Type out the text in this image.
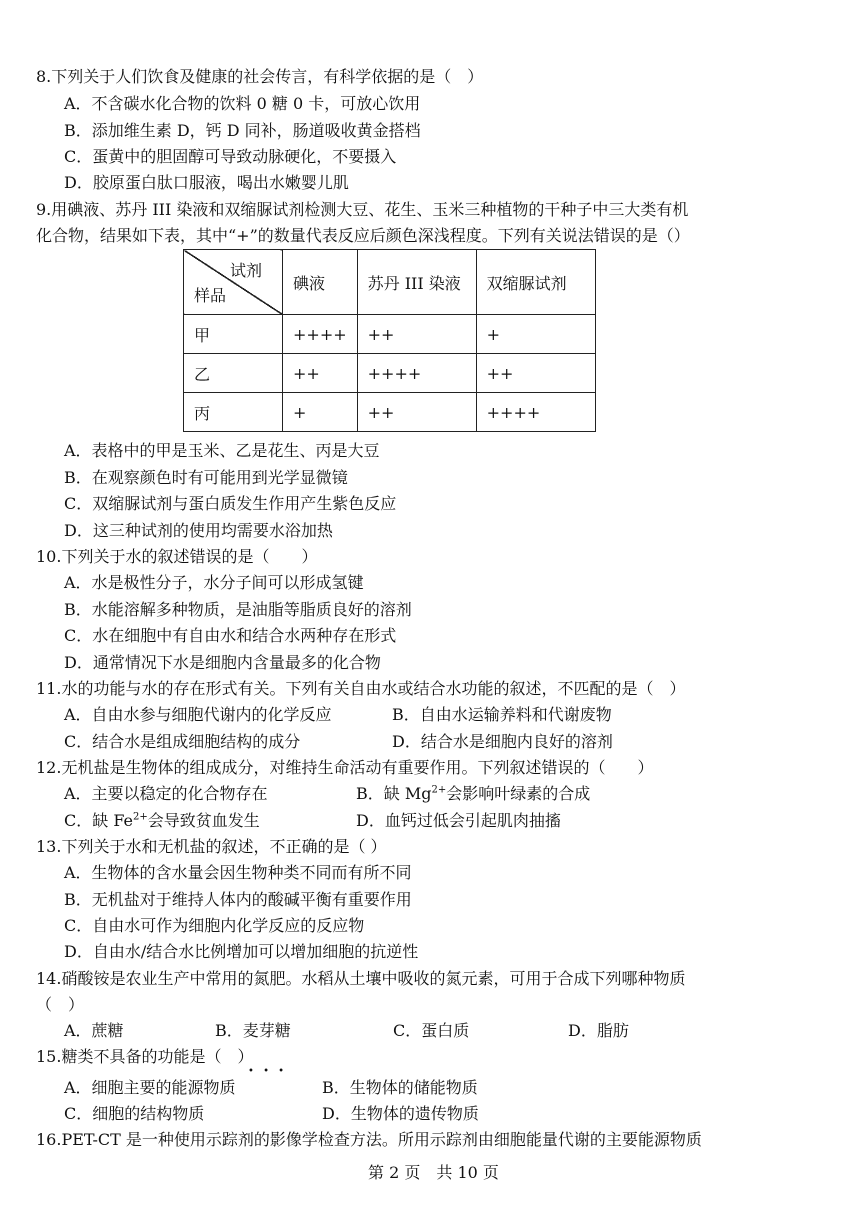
8.下列关于人们饮食及健康的社会传言，有科学依据的是（　）
A．不含碳水化合物的饮料 0 糖 0 卡，可放心饮用
B．添加维生素 D，钙 D 同补，肠道吸收黄金搭档
C．蛋黄中的胆固醇可导致动脉硬化，不要摄入
D．胶原蛋白肽口服液，喝出水嫩婴儿肌
9.用碘液、苏丹 III 染液和双缩脲试剂检测大豆、花生、玉米三种植物的干种子中三大类有机
化合物，结果如下表，其中“+”的数量代表反应后颜色深浅程度。下列有关说法错误的是（）
试剂
样品	碘液	苏丹 III 染液	双缩脲试剂
甲	++++	++	+
乙	++	++++	++
丙	+	++	++++
A．表格中的甲是玉米、乙是花生、丙是大豆
B．在观察颜色时有可能用到光学显微镜
C．双缩脲试剂与蛋白质发生作用产生紫色反应
D．这三种试剂的使用均需要水浴加热
10.下列关于水的叙述错误的是（　　）
A．水是极性分子，水分子间可以形成氢键
B．水能溶解多种物质，是油脂等脂质良好的溶剂
C．水在细胞中有自由水和结合水两种存在形式
D．通常情况下水是细胞内含量最多的化合物
11.水的功能与水的存在形式有关。下列有关自由水或结合水功能的叙述，不匹配的是（　）
A．自由水参与细胞代谢内的化学反应	B．自由水运输养料和代谢废物
C．结合水是组成细胞结构的成分	D．结合水是细胞内良好的溶剂
12.无机盐是生物体的组成成分，对维持生命活动有重要作用。下列叙述错误的（　　）
A．主要以稳定的化合物存在	B．缺 $Mg^{2+}$会影响叶绿素的合成
C．缺 $Fe^{2+}$会导致贫血发生	D．血钙过低会引起肌肉抽搐
13.下列关于水和无机盐的叙述，不正确的是（ ）
A．生物体的含水量会因生物种类不同而有所不同
B．无机盐对于维持人体内的酸碱平衡有重要作用
C．自由水可作为细胞内化学反应的反应物
D．自由水/结合水比例增加可以增加细胞的抗逆性
14.硝酸铵是农业生产中常用的氮肥。水稻从土壤中吸收的氮元素，可用于合成下列哪种物质
（　）
A．蔗糖	B．麦芽糖	C．蛋白质	D．脂肪
15.糖类不具备的功能是（　）
• • •
A．细胞主要的能源物质	B．生物体的储能物质
C．细胞的结构物质	D．生物体的遗传物质
16.PET-CT 是一种使用示踪剂的影像学检查方法。所用示踪剂由细胞能量代谢的主要能源物质
第 2 页　共 10 页
